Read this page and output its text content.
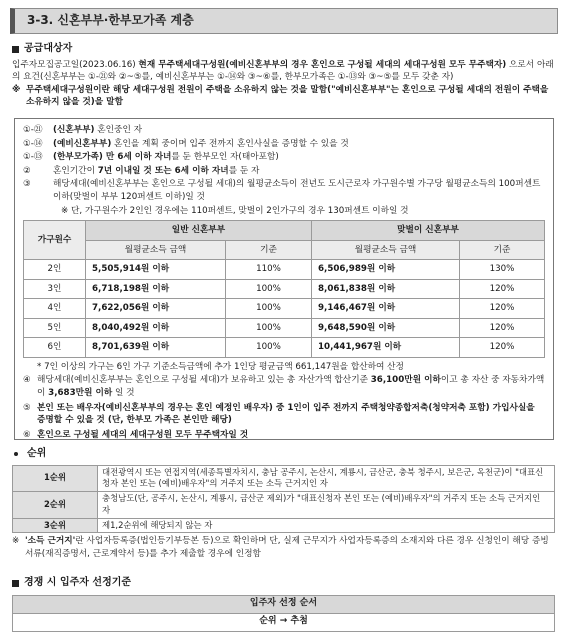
3-3. 신혼부부·한부모가족 계층
공급대상자
입주자모집공고일(2023.06.16) 현재 무주택세대구성원(예비신혼부부의 경우 혼인으로 구성될 세대의 세대구성원 모두 무주택자) 으로서 아래의 요건(신혼부부는 ①-㉑와 ②~⑤를, 예비신혼부부는 ①-⑭와 ③~⑥를, 한부모가족은 ①-⑬와 ③~⑤를 모두 갖춘 자)
※ 무주택세대구성원이란 해당 세대구성원 전원이 주택을 소유하지 않는 것을 말함("예비신혼부부"는 혼인으로 구성될 세대의 전원이 주택을 소유하지 않을 것)을 말함
①-㉑	(신혼부부) 혼인중인 자
①-⑭	(예비신혼부부) 혼인을 계획 중이며 입주 전까지 혼인사실을 증명할 수 있을 것
①-⑬	(한부모가족) 만 6세 이하 자녀를 둔 한부모인 자(태아포함)
②	혼인기간이 7년 이내일 것 또는 6세 이하 자녀를 둔 자
③	해당세대(예비신혼부부는 혼인으로 구성될 세대)의 월평균소득이 전년도 도시근로자 가구원수별 가구당 월평균소득의 100퍼센트 이하(맞벌이 부부 120퍼센트 이하)일 것
※ 단, 가구원수가 2인인 경우에는 110퍼센트, 맞벌이 2인가구의 경우 130퍼센트 이하일 것
가구원수	일반 신혼부부		맞벌이 신혼부부	
	월평균소득 금액	기준	월평균소득 금액	기준
2인	5,505,914원 이하	110%	6,506,989원 이하	130%
3인	6,718,198원 이하	100%	8,061,838원 이하	120%
4인	7,622,056원 이하	100%	9,146,467원 이하	120%
5인	8,040,492원 이하	100%	9,648,590원 이하	120%
6인	8,701,639원 이하	100%	10,441,967원 이하	120%
* 7인 이상의 가구는 6인 가구 기준소득금액에 추가 1인당 평균금액 661,147원을 합산하여 산정
④ 해당세대(예비신혼부부는 혼인으로 구성될 세대)가 보유하고 있는 총 자산가액 합산기준 36,100만원 이하이고 총 자산 중 자동차가액이 3,683만원 이하 일 것
⑤ 본인 또는 배우자(예비신혼부부의 경우는 혼인 예정인 배우자) 중 1인이 입주 전까지 주택청약종합저축(청약저축 포함) 가입사실을 증명할 수 있을 것 (단, 한부모 가족은 본인만 해당)
⑥ 혼인으로 구성될 세대의 세대구성원 모두 무주택자일 것
순위
1순위	대전광역시 또는 연접지역(세종특별자치시, 충남 공주시, 논산시, 계룡시, 금산군, 충북 청주시, 보은군, 옥천군)이 "대표신청자 본인 또는 (예비)배우자"의 거주지 또는 소득 근거지인 자
2순위	충청남도(단, 공주시, 논산시, 계룡시, 금산군 제외)가 "대표신청자 본인 또는 (예비)배우자"의 거주지 또는 소득 근거지인 자
3순위	제1,2순위에 해당되지 않는 자
※ '소득 근거지'란 사업자등록증(법인등기부등본 등)으로 확인하며 단, 실제 근무지가 사업자등록증의 소재지와 다른 경우 신청인이 해당 증빙서류(재직증명서, 근로계약서 등)를 추가 제출할 경우에 인정함
경쟁 시 입주자 선정기준
입주자 선정 순서
순위 → 추첨
